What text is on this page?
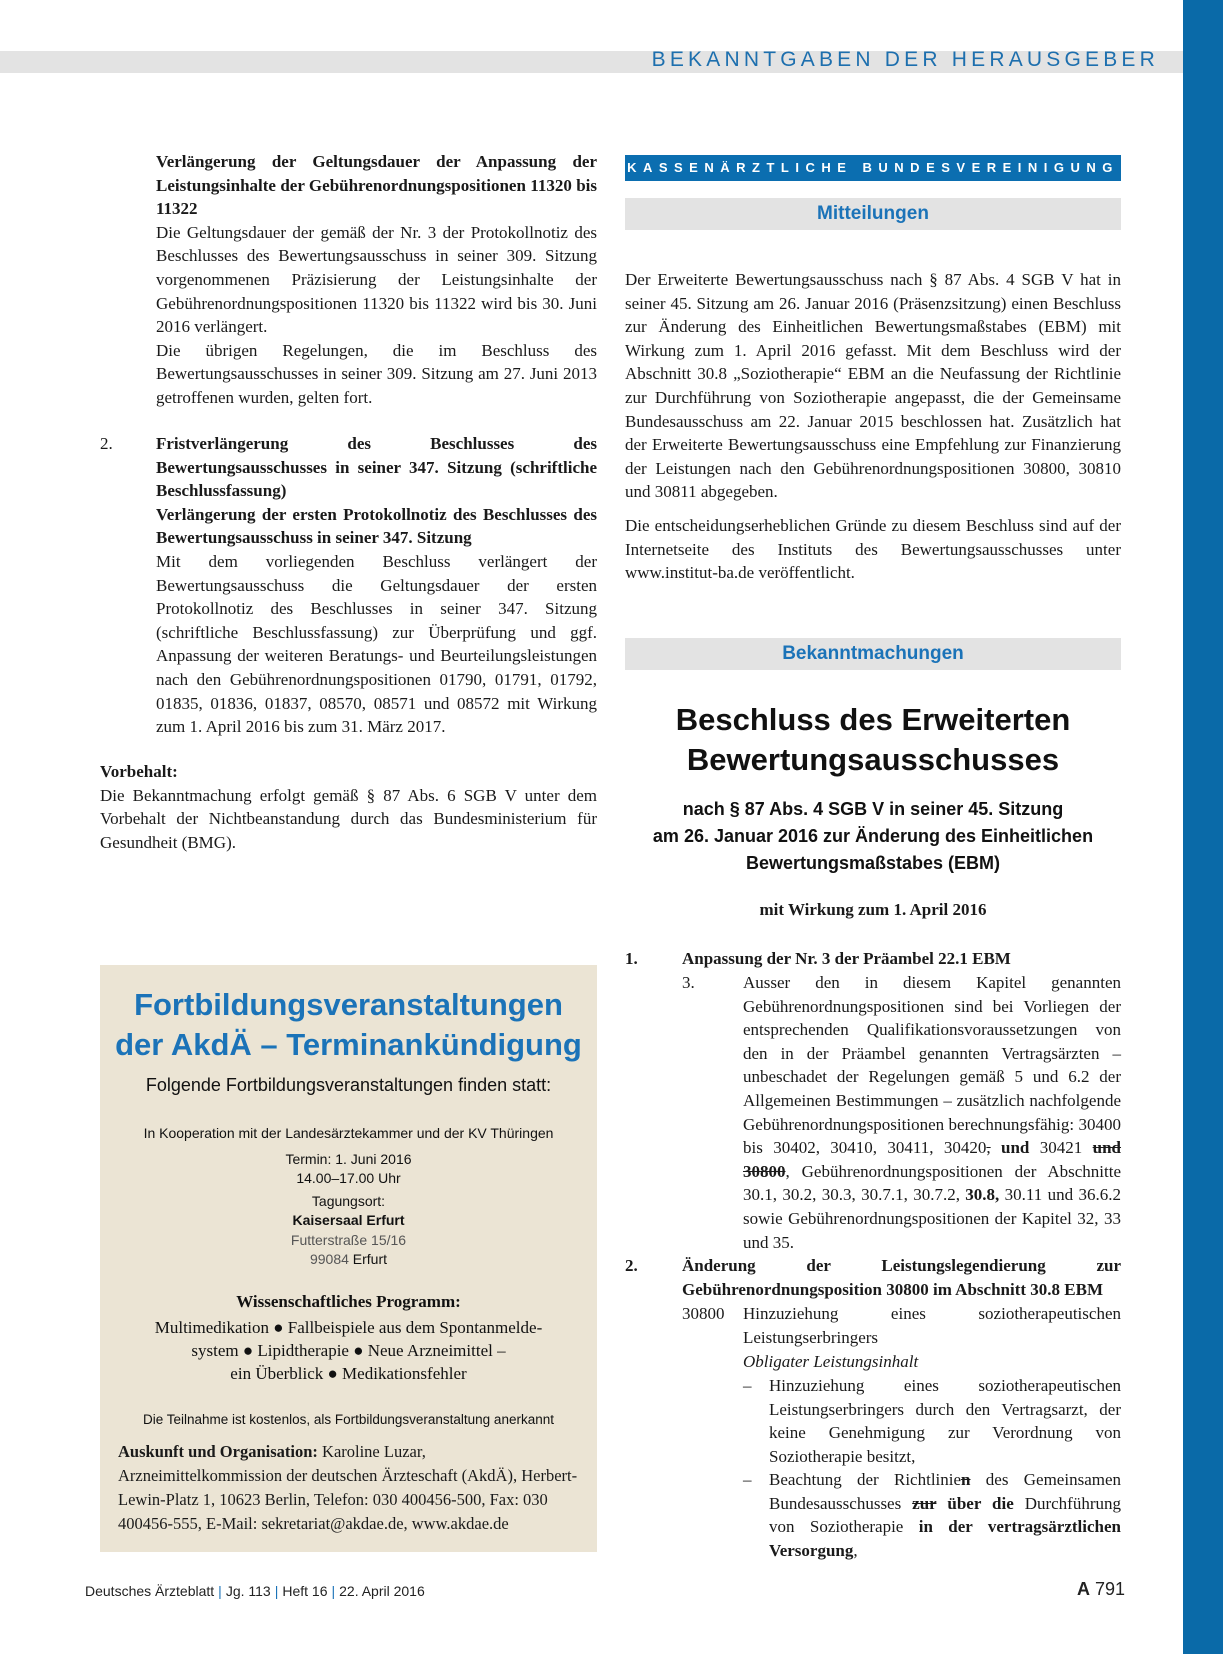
BEKANNTGABEN DER HERAUSGEBER

Verlängerung der Geltungsdauer der Anpassung der Leistungsinhalte der Gebührenordnungspositionen 11320 bis 11322

Die Geltungsdauer der gemäß der Nr. 3 der Protokollnotiz des Beschlusses des Bewertungsausschuss in seiner 309. Sitzung vorgenommenen Präzisierung der Leistungsinhalte der Gebührenordnungspositionen 11320 bis 11322 wird bis 30. Juni 2016 verlängert.

Die übrigen Regelungen, die im Beschluss des Bewertungsausschusses in seiner 309. Sitzung am 27. Juni 2013 getroffenen wurden, gelten fort.

2.	Fristverlängerung des Beschlusses des Bewertungsausschusses in seiner 347. Sitzung (schriftliche Beschlussfassung)

Verlängerung der ersten Protokollnotiz des Beschlusses des Bewertungsausschuss in seiner 347. Sitzung

Mit dem vorliegenden Beschluss verlängert der Bewertungsausschuss die Geltungsdauer der ersten Protokollnotiz des Beschlusses in seiner 347. Sitzung (schriftliche Beschlussfassung) zur Überprüfung und ggf. Anpassung der weiteren Beratungs- und Beurteilungsleistungen nach den Gebührenordnungspositionen 01790, 01791, 01792, 01835, 01836, 01837, 08570, 08571 und 08572 mit Wirkung zum 1. April 2016 bis zum 31. März 2017.

Vorbehalt:

Die Bekanntmachung erfolgt gemäß § 87 Abs. 6 SGB V unter dem Vorbehalt der Nichtbeanstandung durch das Bundesministerium für Gesundheit (BMG).

Fortbildungsveranstaltungen
der AkdÄ – Terminankündigung
Folgende Fortbildungsveranstaltungen finden statt:
In Kooperation mit der Landesärztekammer und der KV Thüringen
Termin: 1. Juni 2016
14.00–17.00 Uhr
Tagungsort:
Kaisersaal Erfurt
Futterstraße 15/16
99084 Erfurt
Wissenschaftliches Programm:
Multimedikation ● Fallbeispiele aus dem Spontanmelde-
system ● Lipidtherapie ● Neue Arzneimittel –
ein Überblick ● Medikationsfehler
Die Teilnahme ist kostenlos, als Fortbildungsveranstaltung anerkannt
Auskunft und Organisation: Karoline Luzar, Arzneimittelkommission der deutschen Ärzteschaft (AkdÄ), Herbert-Lewin-Platz 1, 10623 Berlin, Telefon: 030 400456-500, Fax: 030 400456-555, E-Mail: sekretariat@akdae.de, www.akdae.de
KASSENÄRZTLICHE BUNDESVEREINIGUNG
Mitteilungen

Der Erweiterte Bewertungsausschuss nach § 87 Abs. 4 SGB V hat in seiner 45. Sitzung am 26. Januar 2016 (Präsenzsitzung) einen Beschluss zur Änderung des Einheitlichen Bewertungsmaßstabes (EBM) mit Wirkung zum 1. April 2016 gefasst. Mit dem Beschluss wird der Abschnitt 30.8 „Soziotherapie“ EBM an die Neufassung der Richtlinie zur Durchführung von Soziotherapie angepasst, die der Gemeinsame Bundesausschuss am 22. Januar 2015 beschlossen hat. Zusätzlich hat der Erweiterte Bewertungsausschuss eine Empfehlung zur Finanzierung der Leistungen nach den Gebührenordnungspositionen 30800, 30810 und 30811 abgegeben.

Die entscheidungserheblichen Gründe zu diesem Beschluss sind auf der Internetseite des Instituts des Bewertungsausschusses unter www.institut-ba.de veröffentlicht.

Bekanntmachungen
Beschluss des Erweiterten
Bewertungsausschusses
nach § 87 Abs. 4 SGB V in seiner 45. Sitzung
am 26. Januar 2016 zur Änderung des Einheitlichen
Bewertungsmaßstabes (EBM)
mit Wirkung zum 1. April 2016
1.	Anpassung der Nr. 3 der Präambel 22.1 EBM
3.	Ausser den in diesem Kapitel genannten Gebührenordnungspositionen sind bei Vorliegen der entsprechenden Qualifikationsvoraussetzungen von den in der Präambel genannten Vertragsärzten – unbeschadet der Regelungen gemäß 5 und 6.2 der Allgemeinen Bestimmungen – zusätzlich nachfolgende Gebührenordnungspositionen berechnungsfähig: 30400 bis 30402, 30410, 30411, 30420, und 30421 und 30800, Gebührenordnungspositionen der Abschnitte 30.1, 30.2, 30.3, 30.7.1, 30.7.2, 30.8, 30.11 und 36.6.2 sowie Gebührenordnungspositionen der Kapitel 32, 33 und 35.
2.	Änderung der Leistungslegendierung zur Gebührenordnungsposition 30800 im Abschnitt 30.8 EBM
30800 Hinzuziehung eines soziotherapeutischen Leistungserbringers
Obligater Leistungsinhalt
– Hinzuziehung eines soziotherapeutischen Leistungserbringers durch den Vertragsarzt, der keine Genehmigung zur Verordnung von Soziotherapie besitzt,
– Beachtung der Richtlinien des Gemeinsamen Bundesausschusses zur über die Durchführung von Soziotherapie in der vertragsärztlichen Versorgung,
Deutsches Ärzteblatt | Jg. 113 | Heft 16 | 22. April 2016	A 791
